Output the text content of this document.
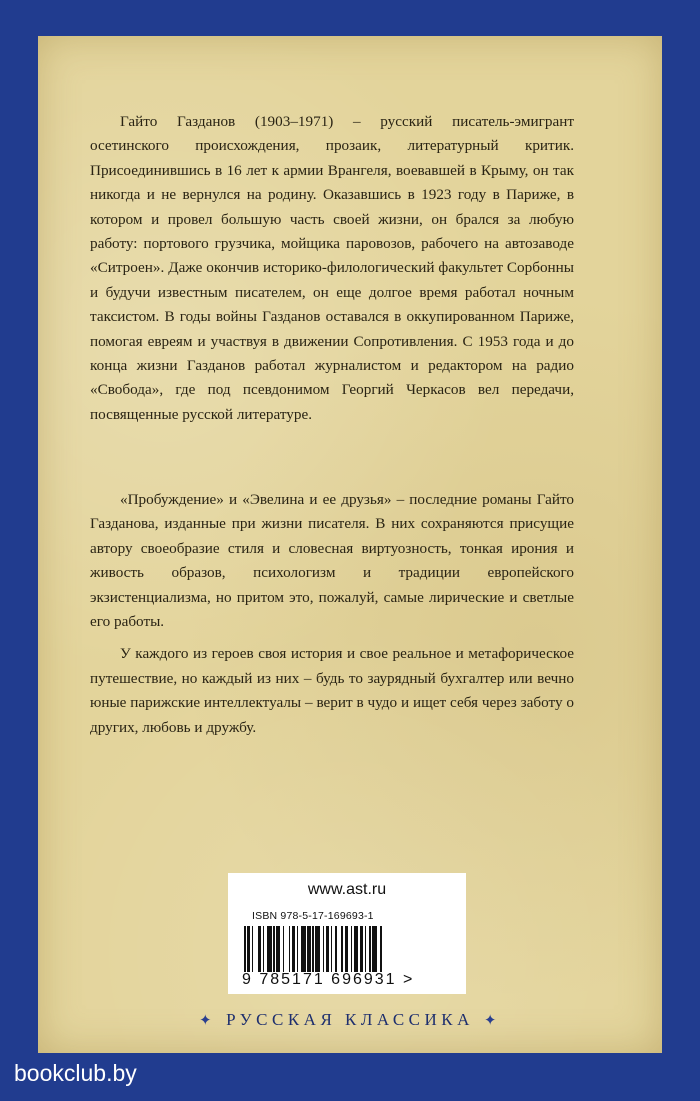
Гайто Газданов (1903–1971) – русский писатель-эмигрант осетинского происхождения, прозаик, литературный критик. Присоединившись в 16 лет к армии Врангеля, воевавшей в Крыму, он так никогда и не вернулся на родину. Оказавшись в 1923 году в Париже, в котором и провел большую часть своей жизни, он брался за любую работу: портового грузчика, мойщика паровозов, рабочего на автозаводе «Ситроен». Даже окончив историко-филологический факультет Сорбонны и будучи известным писателем, он еще долгое время работал ночным таксистом. В годы войны Газданов оставался в оккупированном Париже, помогая евреям и участвуя в движении Сопротивления. С 1953 года и до конца жизни Газданов работал журналистом и редактором на радио «Свобода», где под псевдонимом Георгий Черкасов вел передачи, посвященные русской литературе.

«Пробуждение» и «Эвелина и ее друзья» – последние романы Гайто Газданова, изданные при жизни писателя. В них сохраняются присущие автору своеобразие стиля и словесная виртуозность, тонкая ирония и живость образов, психологизм и традиции европейского экзистенциализма, но притом это, пожалуй, самые лирические и светлые его работы.

У каждого из героев своя история и свое реальное и метафорическое путешествие, но каждый из них – будь то заурядный бухгалтер или вечно юные парижские интеллектуалы – верит в чудо и ищет себя через заботу о других, любовь и дружбу.

www.ast.ru
ISBN 978-5-17-169693-1
9 785171 696931 >
✦ РУССКАЯ КЛАССИКА ✦
bookclub.by
